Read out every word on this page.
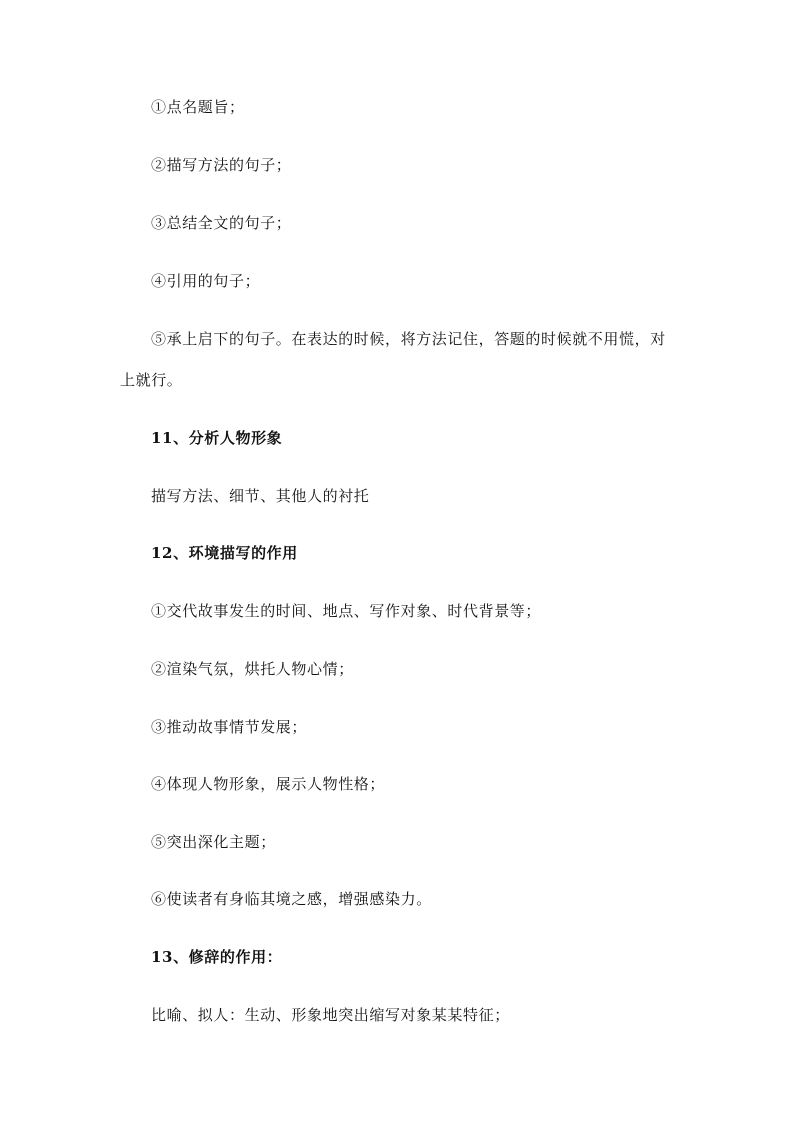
①点名题旨；
②描写方法的句子；
③总结全文的句子；
④引用的句子；
⑤承上启下的句子。在表达的时候，将方法记住，答题的时候就不用慌，对
上就行。
11、分析人物形象
描写方法、细节、其他人的衬托
12、环境描写的作用
①交代故事发生的时间、地点、写作对象、时代背景等；
②渲染气氛，烘托人物心情；
③推动故事情节发展；
④体现人物形象，展示人物性格；
⑤突出深化主题；
⑥使读者有身临其境之感，增强感染力。
13、修辞的作用：
比喻、拟人：生动、形象地突出缩写对象某某特征；
